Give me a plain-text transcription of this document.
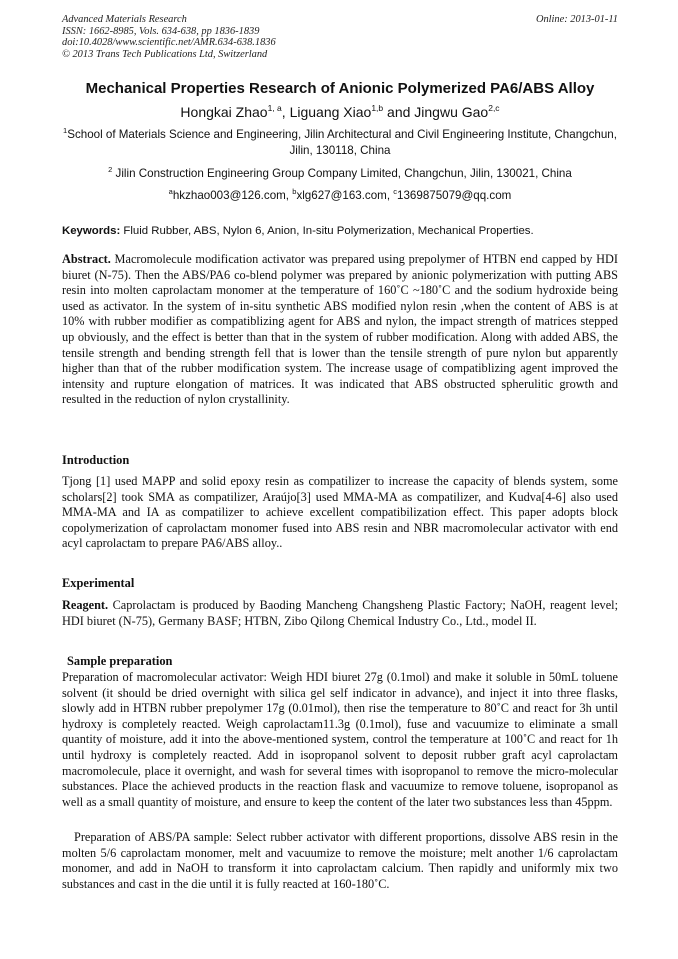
Advanced Materials Research
ISSN: 1662-8985, Vols. 634-638, pp 1836-1839
doi:10.4028/www.scientific.net/AMR.634-638.1836
© 2013 Trans Tech Publications Ltd, Switzerland
Online: 2013-01-11
Mechanical Properties Research of Anionic Polymerized PA6/ABS Alloy
Hongkai Zhao$^{1, a}$, Liguang Xiao$^{1,b}$ and Jingwu Gao$^{2,c}$
$^1$School of Materials Science and Engineering, Jilin Architectural and Civil Engineering Institute, Changchun, Jilin, 130118, China
$^2$ Jilin Construction Engineering Group Company Limited, Changchun, Jilin, 130021, China
$^a$hkzhao003@126.com, $^b$xlg627@163.com, $^c$1369875079@qq.com
Keywords: Fluid Rubber, ABS, Nylon 6, Anion, In-situ Polymerization, Mechanical Properties.
Abstract. Macromolecule modification activator was prepared using prepolymer of HTBN end capped by HDI biuret (N-75). Then the ABS/PA6 co-blend polymer was prepared by anionic polymerization with putting ABS resin into molten caprolactam monomer at the temperature of 160˚C ~180˚C and the sodium hydroxide being used as activator. In the system of in-situ synthetic ABS modified nylon resin ,when the content of ABS is at 10% with rubber modifier as compatiblizing agent for ABS and nylon, the impact strength of matrices stepped up obviously, and the effect is better than that in the system of rubber modification. Along with added ABS, the tensile strength and bending strength fell that is lower than the tensile strength of pure nylon but apparently higher than that of the rubber modification system. The increase usage of compatiblizing agent improved the intensity and rupture elongation of matrices. It was indicated that ABS obstructed spherulitic growth and resulted in the reduction of nylon crystallinity.
Introduction
Tjong [1] used MAPP and solid epoxy resin as compatilizer to increase the capacity of blends system, some scholars[2] took SMA as compatilizer, Araújo[3] used MMA-MA as compatilizer, and Kudva[4-6] also used MMA-MA and IA as compatilizer to achieve excellent compatibilization effect. This paper adopts block copolymerization of caprolactam monomer fused into ABS resin and NBR macromolecular activator with end acyl caprolactam to prepare PA6/ABS alloy..
Experimental
Reagent. Caprolactam is produced by Baoding Mancheng Changsheng Plastic Factory; NaOH, reagent level; HDI biuret (N-75), Germany BASF; HTBN, Zibo Qilong Chemical Industry Co., Ltd., model II.
Sample preparation
Preparation of macromolecular activator: Weigh HDI biuret 27g (0.1mol) and make it soluble in 50mL toluene solvent (it should be dried overnight with silica gel self indicator in advance), and inject it into three flasks, slowly add in HTBN rubber prepolymer 17g (0.01mol), then rise the temperature to 80˚C and react for 3h until hydroxy is completely reacted. Weigh caprolactam11.3g (0.1mol), fuse and vacuumize to eliminate a small quantity of moisture, add it into the above-mentioned system, control the temperature at 100˚C and react for 1h until hydroxy is completely reacted. Add in isopropanol solvent to deposit rubber graft acyl caprolactam macromolecule, place it overnight, and wash for several times with isopropanol to remove the micro-molecular substances. Place the achieved products in the reaction flask and vacuumize to remove toluene, isopropanol as well as a small quantity of moisture, and ensure to keep the content of the later two substances less than 45ppm.
Preparation of ABS/PA sample: Select rubber activator with different proportions, dissolve ABS resin in the molten 5/6 caprolactam monomer, melt and vacuumize to remove the moisture; melt another 1/6 caprolactam monomer, and add in NaOH to transform it into caprolactam calcium. Then rapidly and uniformly mix two substances and cast in the die until it is fully reacted at 160-180˚C.
